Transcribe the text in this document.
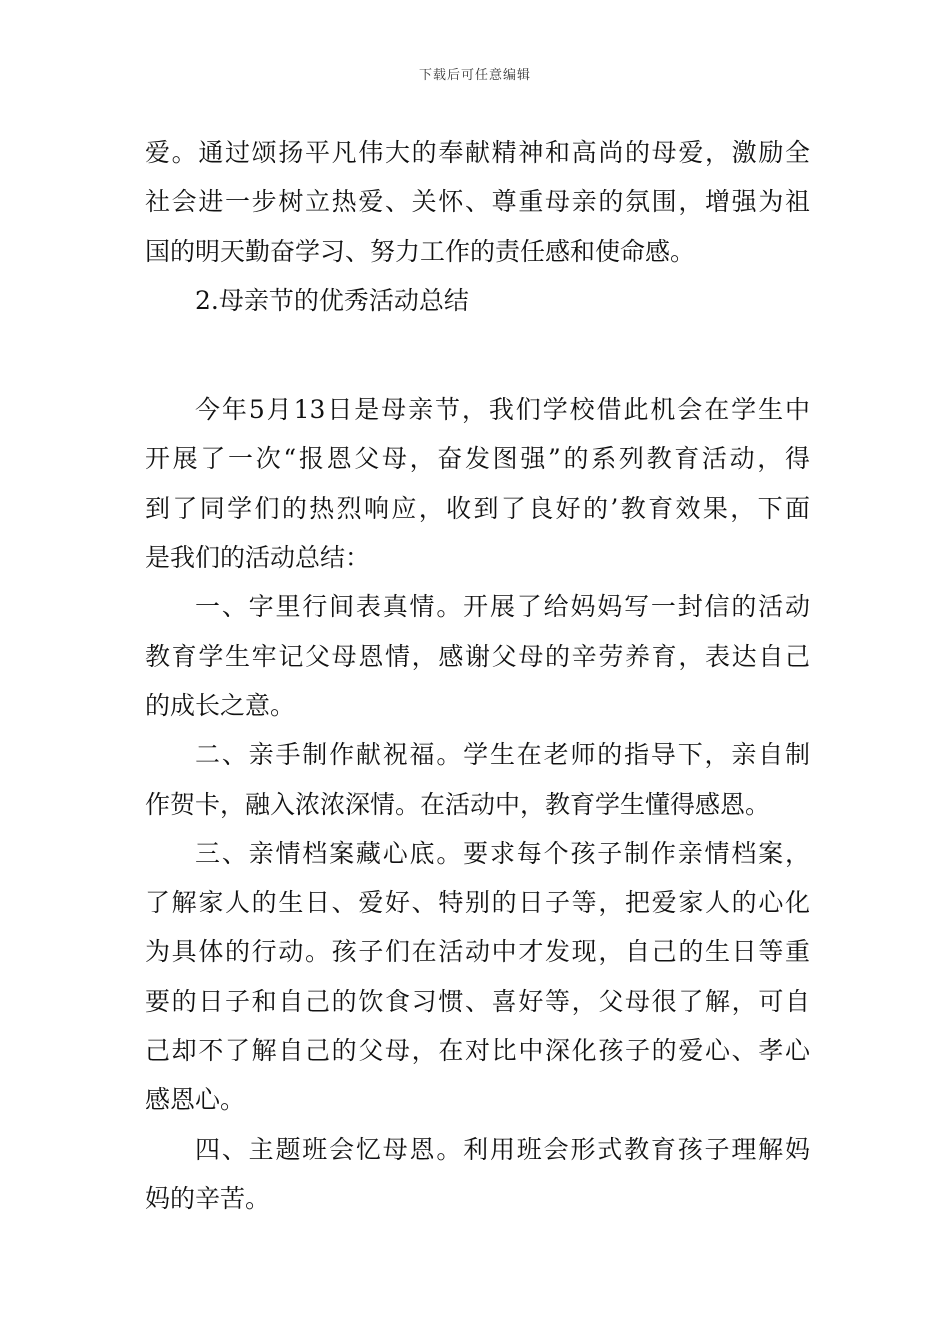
下载后可任意编辑
爱。通过颂扬平凡伟大的奉献精神和高尚的母爱，激励全
社会进一步树立热爱、关怀、尊重母亲的氛围，增强为祖
国的明天勤奋学习、努力工作的责任感和使命感。
2.母亲节的优秀活动总结
今年5月13日是母亲节，我们学校借此机会在学生中
开展了一次“报恩父母，奋发图强”的系列教育活动，得
到了同学们的热烈响应，收到了良好的’教育效果，下面
是我们的活动总结：
一、字里行间表真情。开展了给妈妈写一封信的活动
教育学生牢记父母恩情，感谢父母的辛劳养育，表达自己
的成长之意。
二、亲手制作献祝福。学生在老师的指导下，亲自制
作贺卡，融入浓浓深情。在活动中，教育学生懂得感恩。
三、亲情档案藏心底。要求每个孩子制作亲情档案，
了解家人的生日、爱好、特别的日子等，把爱家人的心化
为具体的行动。孩子们在活动中才发现，自己的生日等重
要的日子和自己的饮食习惯、喜好等，父母很了解，可自
己却不了解自己的父母，在对比中深化孩子的爱心、孝心
感恩心。
四、主题班会忆母恩。利用班会形式教育孩子理解妈
妈的辛苦。
